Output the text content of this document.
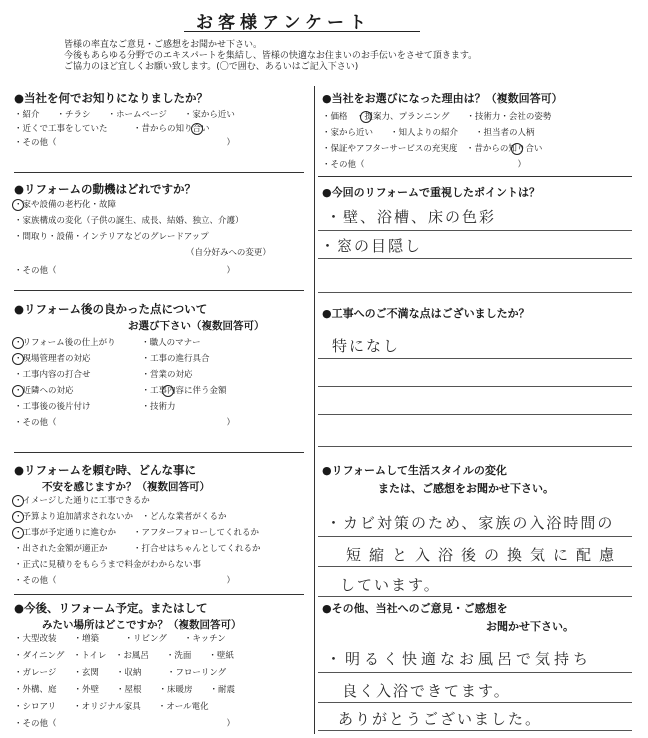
お客様アンケート
皆様の率直なご意見・ご感想をお聞かせ下さい。
今後もあらゆる分野でのエキスパートを集結し、皆様の快適なお住まいのお手伝いをさせて頂きます。
ご協力のほど宜しくお願い致します。(〇で囲む、あるいはご記入下さい)
●当社を何でお知りになりましたか？
・紹介　　・チラシ　　・ホームページ　　・家から近い
・近くで工事をしていた　　　・昔からの知り合い
・その他（　　　　　　　　　　　　　　　　　　　　）
●リフォームの動機はどれですか？
・家や設備の老朽化・故障
・家族構成の変化（子供の誕生、成長、結婚、独立、介護）
・間取り・設備・インテリアなどのグレードアップ
（自分好みへの変更）
・その他（　　　　　　　　　　　　　　　　　　　　）
●リフォーム後の良かった点について
お選び下さい（複数回答可）
・リフォーム後の仕上がり　　　・職人のマナー
・現場管理者の対応　　　　　　・工事の進行具合
・工事内容の打合せ　　　　　　・営業の対応
・近隣への対応　　　　　　　　・工事内容に伴う金額
・工事後の後片付け　　　　　　・技術力
・その他（　　　　　　　　　　　　　　　　　　　　）
●リフォームを頼む時、どんな事に
不安を感じますか？（複数回答可）
・イメージした通りに工事できるか
・予算より追加請求されないか　・どんな業者がくるか
・工事が予定通りに進むか　　・アフターフォローしてくれるか
・出された金額が適正か　　　・打合せはちゃんとしてくれるか
・正式に見積りをもらうまで料金がわからない事
・その他（　　　　　　　　　　　　　　　　　　　　）
●今後、リフォーム予定。またはして
みたい場所はどこですか？（複数回答可）
・大型改装　　・増築　　　・リビング　　・キッチン
・ダイニング　・トイレ　・お風呂　　・洗面　　・壁紙
・ガレージ　　・玄関　　・収納　　　・フローリング
・外構、庭　　・外壁　　・屋根　　・床暖房　　・耐震
・シロアリ　　・オリジナル家具　　・オール電化
・その他（　　　　　　　　　　　　　　　　　　　　）
●当社をお選びになった理由は？（複数回答可）
・価格　・提案力、プランニング　　・技術力・会社の姿勢
・家から近い　　・知人よりの紹介　　・担当者の人柄
・保証やアフターサービスの充実度　・昔からの知り合い
・その他（　　　　　　　　　　　　　　　　　　）
●今回のリフォームで重視したポイントは？
・壁、浴槽、床の色彩
・窓の目隠し
●工事へのご不満な点はございましたか？
特になし
●リフォームして生活スタイルの変化
または、ご感想をお聞かせ下さい。
・カビ対策のため、家族の入浴時間の
短縮と入浴後の換気に配慮
しています。
●その他、当社へのご意見・ご感想を
お聞かせ下さい。
・明るく快適なお風呂で気持ち
良く入浴できてます。
ありがとうございました。
